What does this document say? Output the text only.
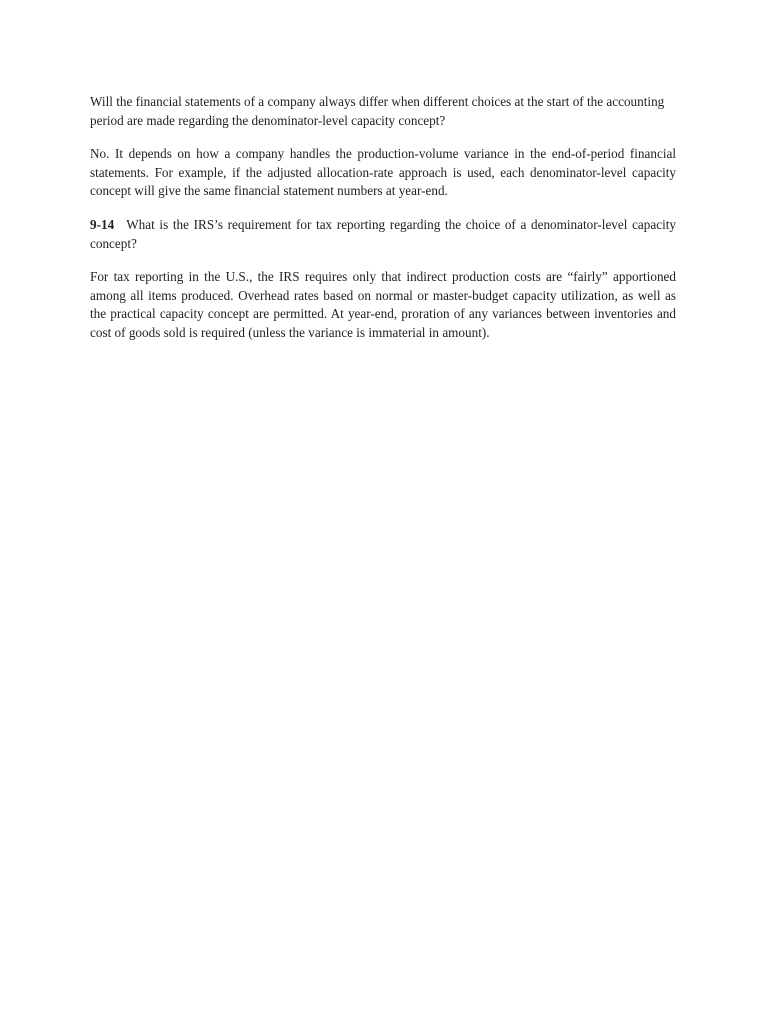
Will the financial statements of a company always differ when different choices at the start of the accounting period are made regarding the denominator-level capacity concept?

No. It depends on how a company handles the production-volume variance in the end-of-period financial statements. For example, if the adjusted allocation-rate approach is used, each denominator-level capacity concept will give the same financial statement numbers at year-end.

9-14 What is the IRS’s requirement for tax reporting regarding the choice of a denominator-level capacity concept?

For tax reporting in the U.S., the IRS requires only that indirect production costs are “fairly” apportioned among all items produced. Overhead rates based on normal or master-budget capacity utilization, as well as the practical capacity concept are permitted. At year-end, proration of any variances between inventories and cost of goods sold is required (unless the variance is immaterial in amount).
